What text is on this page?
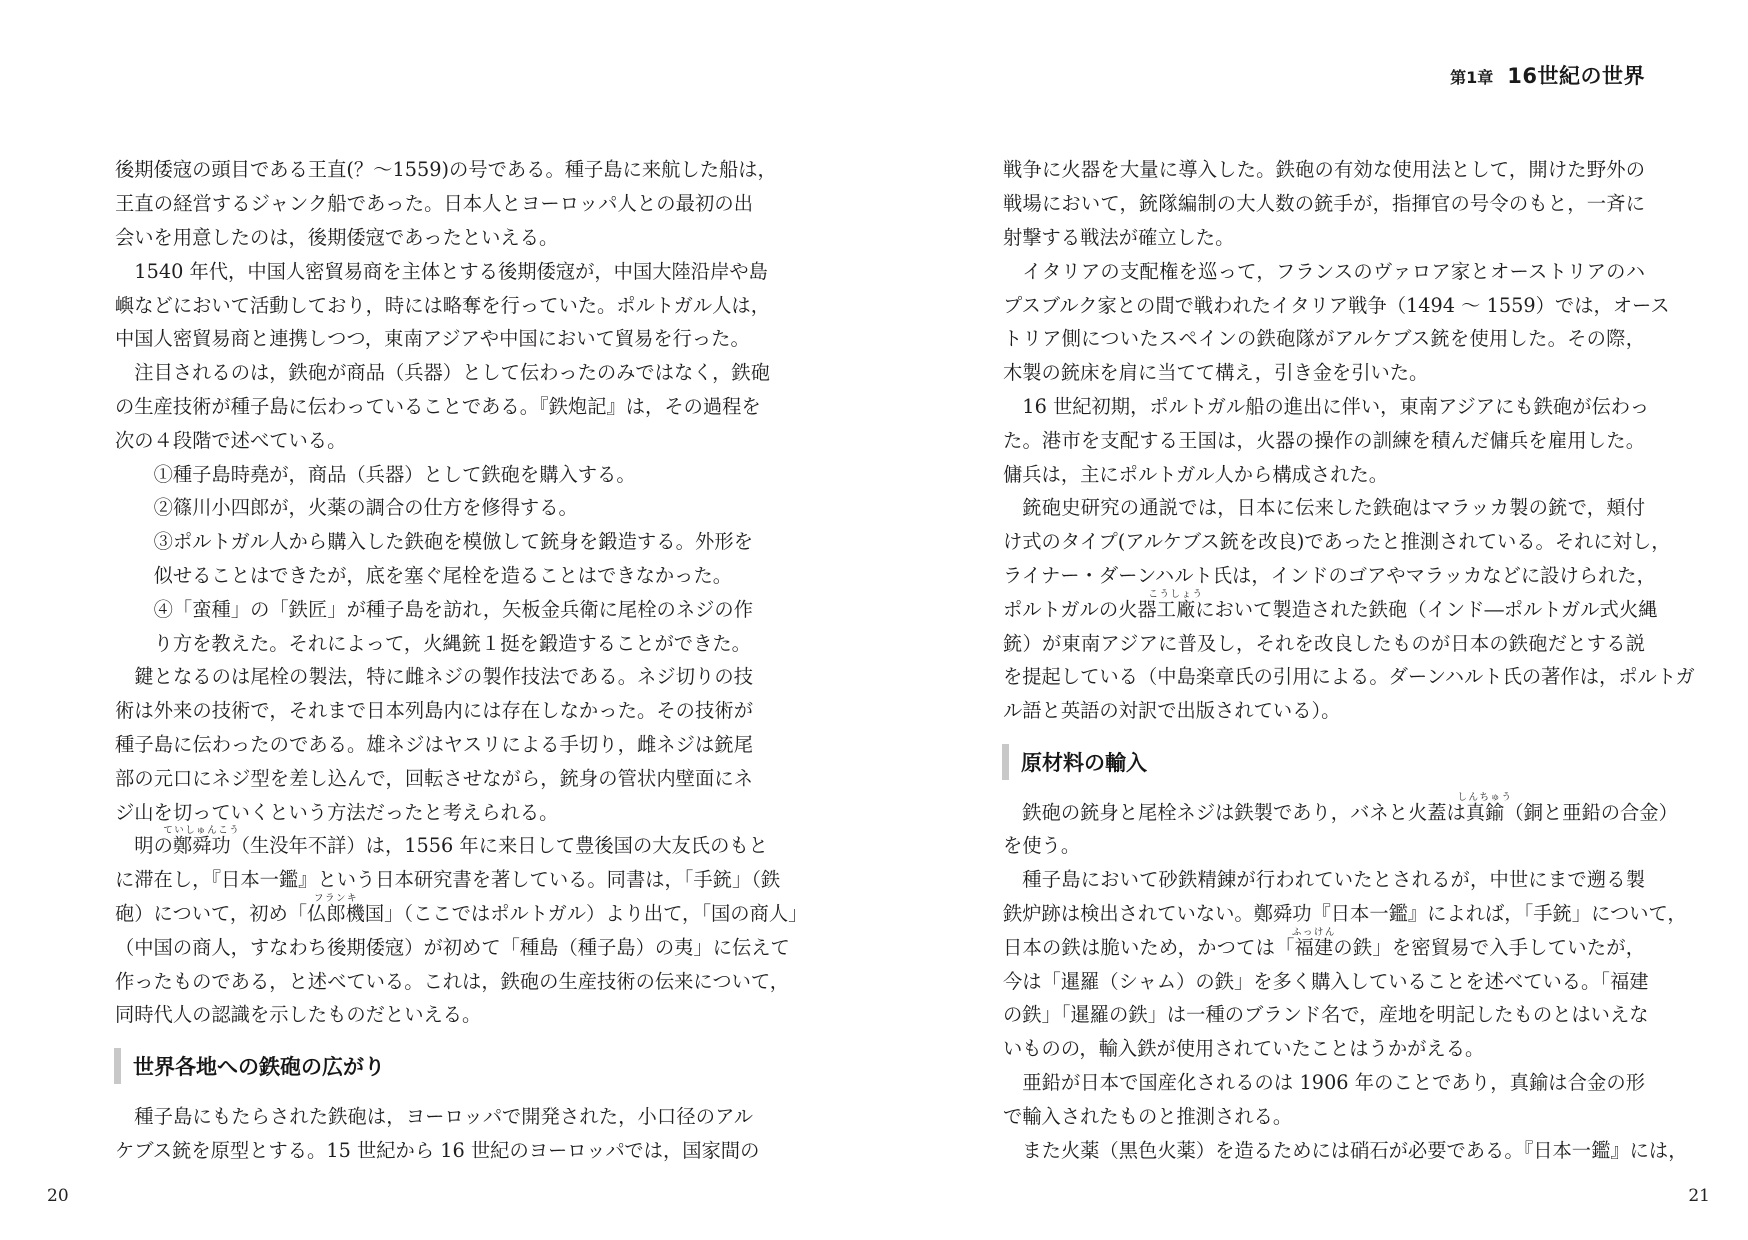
後期倭寇の頭目である王直(？～1559)の号である。種子島に来航した船は，
王直の経営するジャンク船であった。日本人とヨーロッパ人との最初の出
会いを用意したのは，後期倭寇であったといえる。
1540 年代，中国人密貿易商を主体とする後期倭寇が，中国大陸沿岸や島
嶼などにおいて活動しており，時には略奪を行っていた。ポルトガル人は，
中国人密貿易商と連携しつつ，東南アジアや中国において貿易を行った。
注目されるのは，鉄砲が商品（兵器）として伝わったのみではなく，鉄砲
の生産技術が種子島に伝わっていることである。『鉄炮記』は，その過程を
次の４段階で述べている。
①種子島時堯が，商品（兵器）として鉄砲を購入する。
②篠川小四郎が，火薬の調合の仕方を修得する。
③ポルトガル人から購入した鉄砲を模倣して銃身を鍛造する。外形を
似せることはできたが，底を塞ぐ尾栓を造ることはできなかった。
④「蛮種」の「鉄匠」が種子島を訪れ，矢板金兵衛に尾栓のネジの作
り方を教えた。それによって，火縄銃１挺を鍛造することができた。
鍵となるのは尾栓の製法，特に雌ネジの製作技法である。ネジ切りの技
術は外来の技術で，それまで日本列島内には存在しなかった。その技術が
種子島に伝わったのである。雄ネジはヤスリによる手切り，雌ネジは銃尾
部の元口にネジ型を差し込んで，回転させながら，銃身の管状内壁面にネ
ジ山を切っていくという方法だったと考えられる。
明の鄭舜功
ていしゅんこう
（生没年不詳）は，1556 年に来日して豊後国の大友氏のもと
に滞在し，『日本一鑑』という日本研究書を著している。同書は，「手銃」（鉄
砲）について，初め「仏郎機
フランキ
国」（ここではポルトガル）より出て，「国の商人」
（中国の商人，すなわち後期倭寇）が初めて「種島（種子島）の夷」に伝えて
作ったものである，と述べている。これは，鉄砲の生産技術の伝来について，
同時代人の認識を示したものだといえる。
世界各地への鉄砲の広がり
種子島にもたらされた鉄砲は，ヨーロッパで開発された，小口径のアル
ケブス銃を原型とする。15 世紀から 16 世紀のヨーロッパでは，国家間の
20
第1章 16世紀の世界
戦争に火器を大量に導入した。鉄砲の有効な使用法として，開けた野外の
戦場において，銃隊編制の大人数の銃手が，指揮官の号令のもと，一斉に
射撃する戦法が確立した。
イタリアの支配権を巡って，フランスのヴァロア家とオーストリアのハ
プスブルク家との間で戦われたイタリア戦争（1494 ～ 1559）では，オース
トリア側についたスペインの鉄砲隊がアルケブス銃を使用した。その際，
木製の銃床を肩に当てて構え，引き金を引いた。
16 世紀初期，ポルトガル船の進出に伴い，東南アジアにも鉄砲が伝わっ
た。港市を支配する王国は，火器の操作の訓練を積んだ傭兵を雇用した。
傭兵は，主にポルトガル人から構成された。
銃砲史研究の通説では，日本に伝来した鉄砲はマラッカ製の銃で，頬付
け式のタイプ(アルケブス銃を改良)であったと推測されている。それに対し，
ライナー・ダーンハルト氏は，インドのゴアやマラッカなどに設けられた，
ポルトガルの火器工廠
こうしょう
において製造された鉄砲（インド―ポルトガル式火縄
銃）が東南アジアに普及し，それを改良したものが日本の鉄砲だとする説
を提起している（中島楽章氏の引用による。ダーンハルト氏の著作は，ポルトガ
ル語と英語の対訳で出版されている）。
原材料の輸入
鉄砲の銃身と尾栓ネジは鉄製であり，バネと火蓋は真鍮
しんちゅう
（銅と亜鉛の合金）
を使う。
種子島において砂鉄精錬が行われていたとされるが，中世にまで遡る製
鉄炉跡は検出されていない。鄭舜功『日本一鑑』によれば，「手銃」について，
日本の鉄は脆いため，かつては「福建
ふっけん
の鉄」を密貿易で入手していたが，
今は「暹羅（シャム）の鉄」を多く購入していることを述べている。「福建
の鉄」「暹羅の鉄」は一種のブランド名で，産地を明記したものとはいえな
いものの，輸入鉄が使用されていたことはうかがえる。
亜鉛が日本で国産化されるのは 1906 年のことであり，真鍮は合金の形
で輸入されたものと推測される。
また火薬（黒色火薬）を造るためには硝石が必要である。『日本一鑑』には，
21
